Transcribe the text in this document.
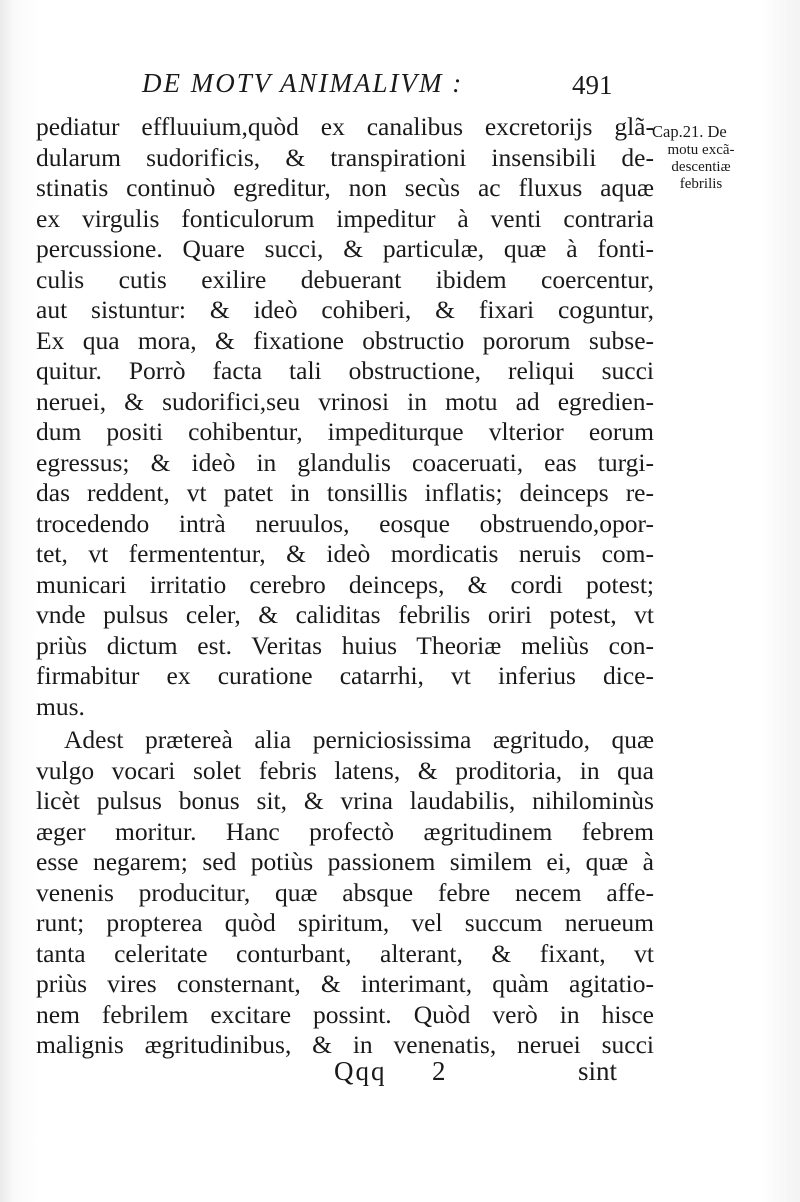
DE MOTV ANIMALIVM :	491
Cap.21. De
motu excã-
descentiæ
febrilis
pediatur effluuium,quòd ex canalibus excretorijs glã-
dularum sudorificis, & transpirationi insensibili de-
stinatis continuò egreditur, non secùs ac fluxus aquæ
ex virgulis fonticulorum impeditur à venti contraria
percussione. Quare succi, & particulæ, quæ à fonti-
culis cutis exilire debuerant ibidem coercentur,
aut sistuntur: & ideò cohiberi, & fixari coguntur,
Ex qua mora, & fixatione obstructio pororum subse-
quitur. Porrò facta tali obstructione, reliqui succi
neruei, & sudorifici,seu vrinosi in motu ad egredien-
dum positi cohibentur, impediturque vlterior eorum
egressus; & ideò in glandulis coaceruati, eas turgi-
das reddent, vt patet in tonsillis inflatis; deinceps re-
trocedendo intrà neruulos, eosque obstruendo,opor-
tet, vt fermententur, & ideò mordicatis neruis com-
municari irritatio cerebro deinceps, & cordi potest;
vnde pulsus celer, & caliditas febrilis oriri potest, vt
priùs dictum est. Veritas huius Theoriæ meliùs con-
firmabitur ex curatione catarrhi, vt inferius dice-
mus.
Adest prætereà alia perniciosissima ægritudo, quæ
vulgo vocari solet febris latens, & proditoria, in qua
licèt pulsus bonus sit, & vrina laudabilis, nihilominùs
æger moritur. Hanc profectò ægritudinem febrem
esse negarem; sed potiùs passionem similem ei, quæ à
venenis producitur, quæ absque febre necem affe-
runt; propterea quòd spiritum, vel succum nerueum
tanta celeritate conturbant, alterant, & fixant, vt
priùs vires consternant, & interimant, quàm agitatio-
nem febrilem excitare possint. Quòd verò in hisce
malignis ægritudinibus, & in venenatis, neruei succi
Qqq 2	sint
